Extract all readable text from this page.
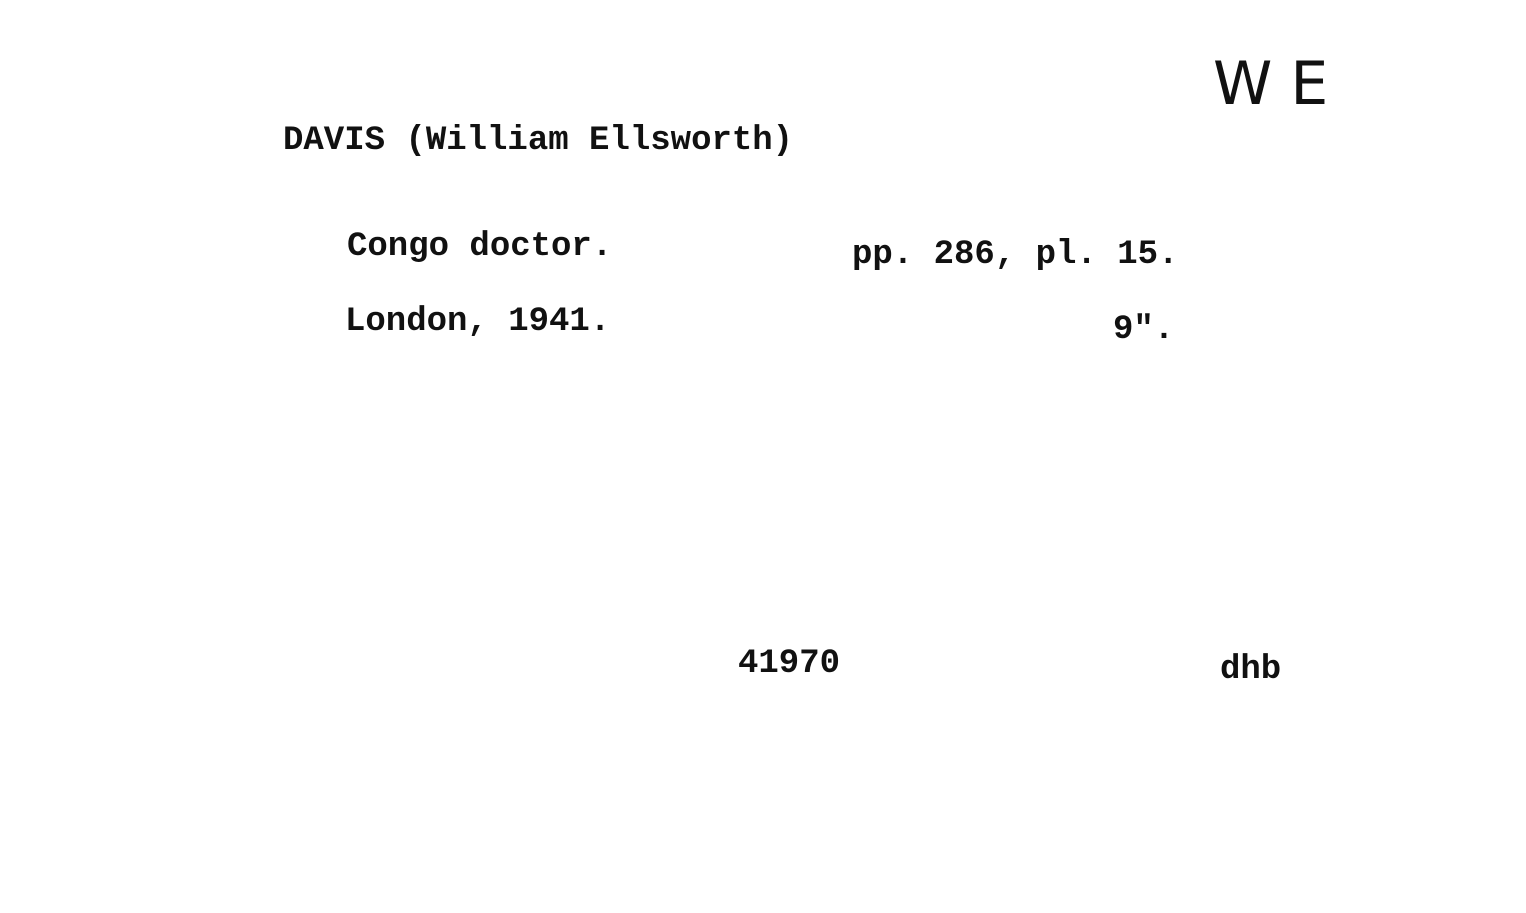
WE
DAVIS (William Ellsworth)
Congo doctor.	pp. 286, pl. 15.
London, 1941.	9".
41970	dhb
